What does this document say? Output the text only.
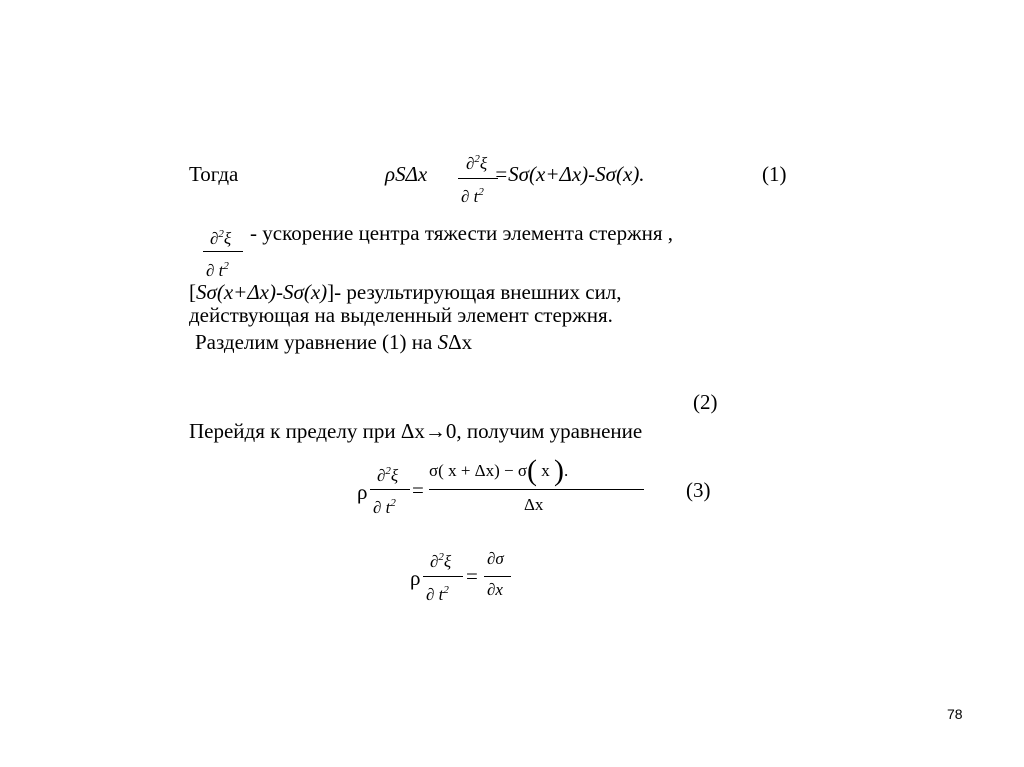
Тогда	ρSΔx ∂$^2$ξ
∂ $t^2$
=Sσ(x+Δx)-Sσ(x).	(1)
∂$^2$ξ
∂ $t^2$
- ускорение центра тяжести элемента стержня ,
[Sσ(x+Δx)-Sσ(x)]- результирующая внешних сил,
действующая на выделенный элемент стержня.
Разделим уравнение (1) на SΔx
(2)
Перейдя к пределу при Δx→0, получим уравнение
ρ
∂$^2$ξ
∂ $t^2$
=
σ( x + Δx) − σ( x ).
Δx
(3)
ρ
∂$^2$ξ
∂ $t^2$
=
∂σ
∂x
78
